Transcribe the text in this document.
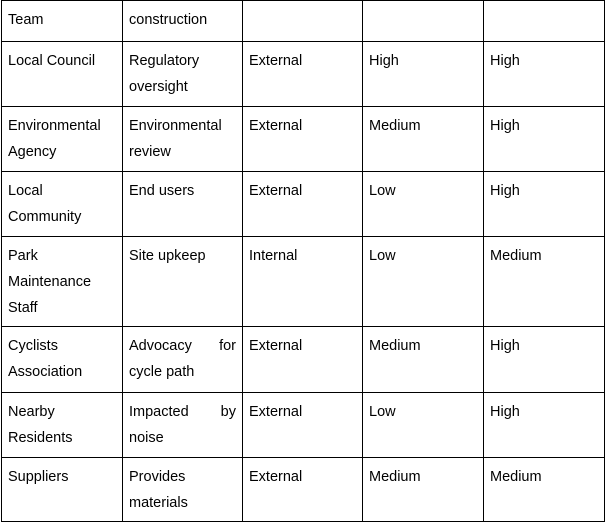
Team	construction			
Local Council	Regulatory oversight	External	High	High
Environmental Agency	Environmental review	External	Medium	High
Local Community	End users	External	Low	High
Park Maintenance Staff	Site upkeep	Internal	Low	Medium
Cyclists Association	Advocacy for cycle path	External	Medium	High
Nearby Residents	Impacted by noise	External	Low	High
Suppliers	Provides materials	External	Medium	Medium
